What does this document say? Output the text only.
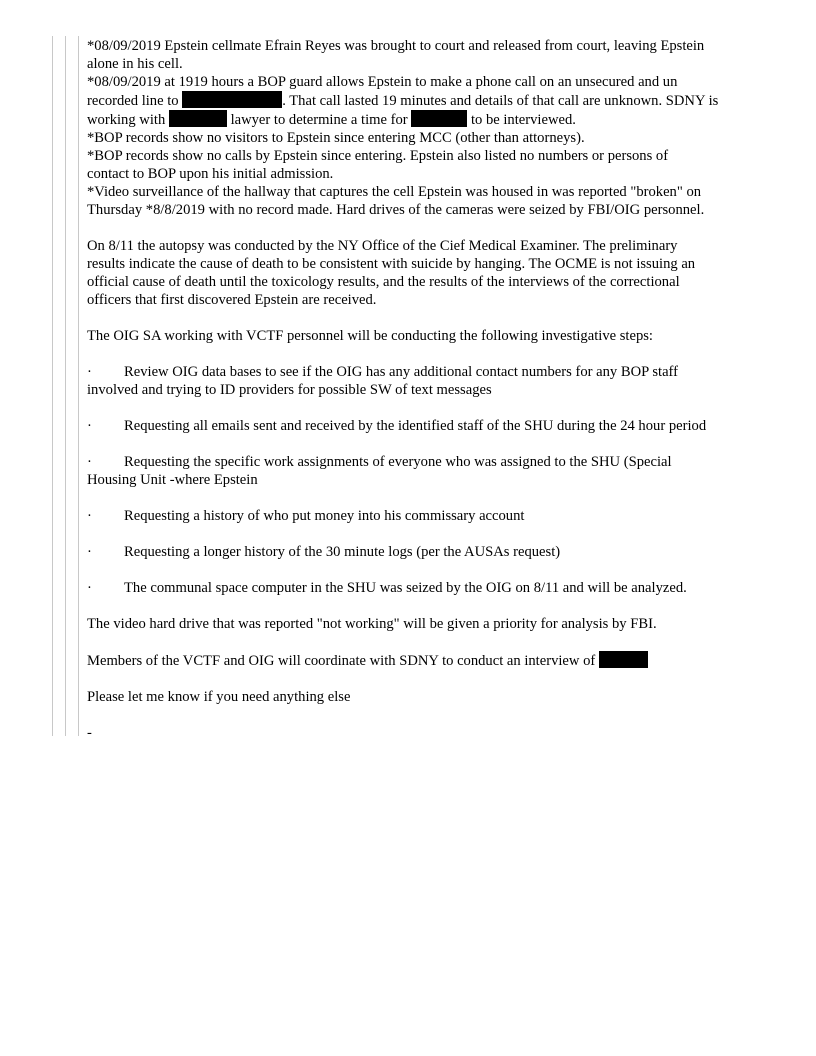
*08/09/2019 Epstein cellmate Efrain Reyes was brought to court and released from court, leaving Epstein
alone in his cell.
*08/09/2019 at 1919 hours a BOP guard allows Epstein to make a phone call on an unsecured and un
recorded line to	. That call lasted 19 minutes and details of that call are unknown. SDNY is
working with	lawyer to determine a time for	to be interviewed.
*BOP records show no visitors to Epstein since entering MCC (other than attorneys).
*BOP records show no calls by Epstein since entering. Epstein also listed no numbers or persons of
contact to BOP upon his initial admission.
*Video surveillance of the hallway that captures the cell Epstein was housed in was reported "broken" on
Thursday *8/8/2019 with no record made. Hard drives of the cameras were seized by FBI/OIG personnel.
On 8/11 the autopsy was conducted by the NY Office of the Cief Medical Examiner. The preliminary
results indicate the cause of death to be consistent with suicide by hanging. The OCME is not issuing an
official cause of death until the toxicology results, and the results of the interviews of the correctional
officers that first discovered Epstein are received.
The OIG SA working with VCTF personnel will be conducting the following investigative steps:
· Review OIG data bases to see if the OIG has any additional contact numbers for any BOP staff
involved and trying to ID providers for possible SW of text messages
· Requesting all emails sent and received by the identified staff of the SHU during the 24 hour period
· Requesting the specific work assignments of everyone who was assigned to the SHU (Special
Housing Unit -where Epstein
· Requesting a history of who put money into his commissary account
· Requesting a longer history of the 30 minute logs (per the AUSAs request)
· The communal space computer in the SHU was seized by the OIG on 8/11 and will be analyzed.
The video hard drive that was reported "not working" will be given a priority for analysis by FBI.
Members of the VCTF and OIG will coordinate with SDNY to conduct an interview of
Please let me know if you need anything else
-
